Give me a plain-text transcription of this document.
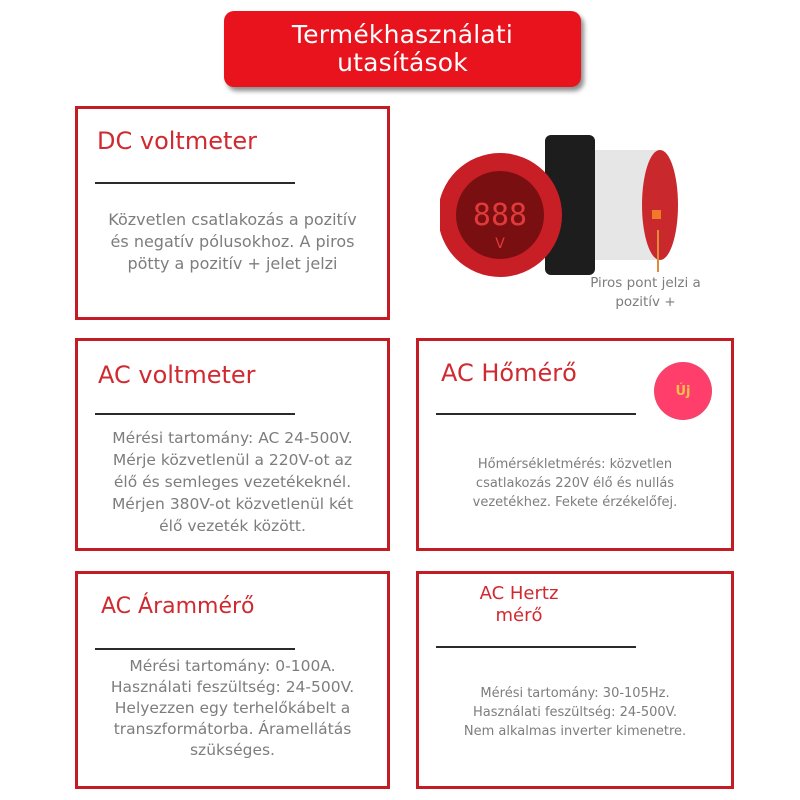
Termékhasználati
utasítások
DC voltmeter
Közvetlen csatlakozás a pozitív
és negatív pólusokhoz. A piros
pötty a pozitív + jelet jelzi
888
V
Piros pont jelzi a
pozitív +
AC voltmeter
Mérési tartomány: AC 24-500V.
Mérje közvetlenül a 220V-ot az
élő és semleges vezetékeknél.
Mérjen 380V-ot közvetlenül két
élő vezeték között.
AC Hőmérő
Hőmérsékletmérés: közvetlen
csatlakozás 220V élő és nullás
vezetékhez. Fekete érzékelőfej.
Új
AC Árammérő
Mérési tartomány: 0-100A.
Használati feszültség: 24-500V.
Helyezzen egy terhelőkábelt a
transzformátorba. Áramellátás
szükséges.
AC Hertz
mérő
Mérési tartomány: 30-105Hz.
Használati feszültség: 24-500V.
Nem alkalmas inverter kimenetre.
